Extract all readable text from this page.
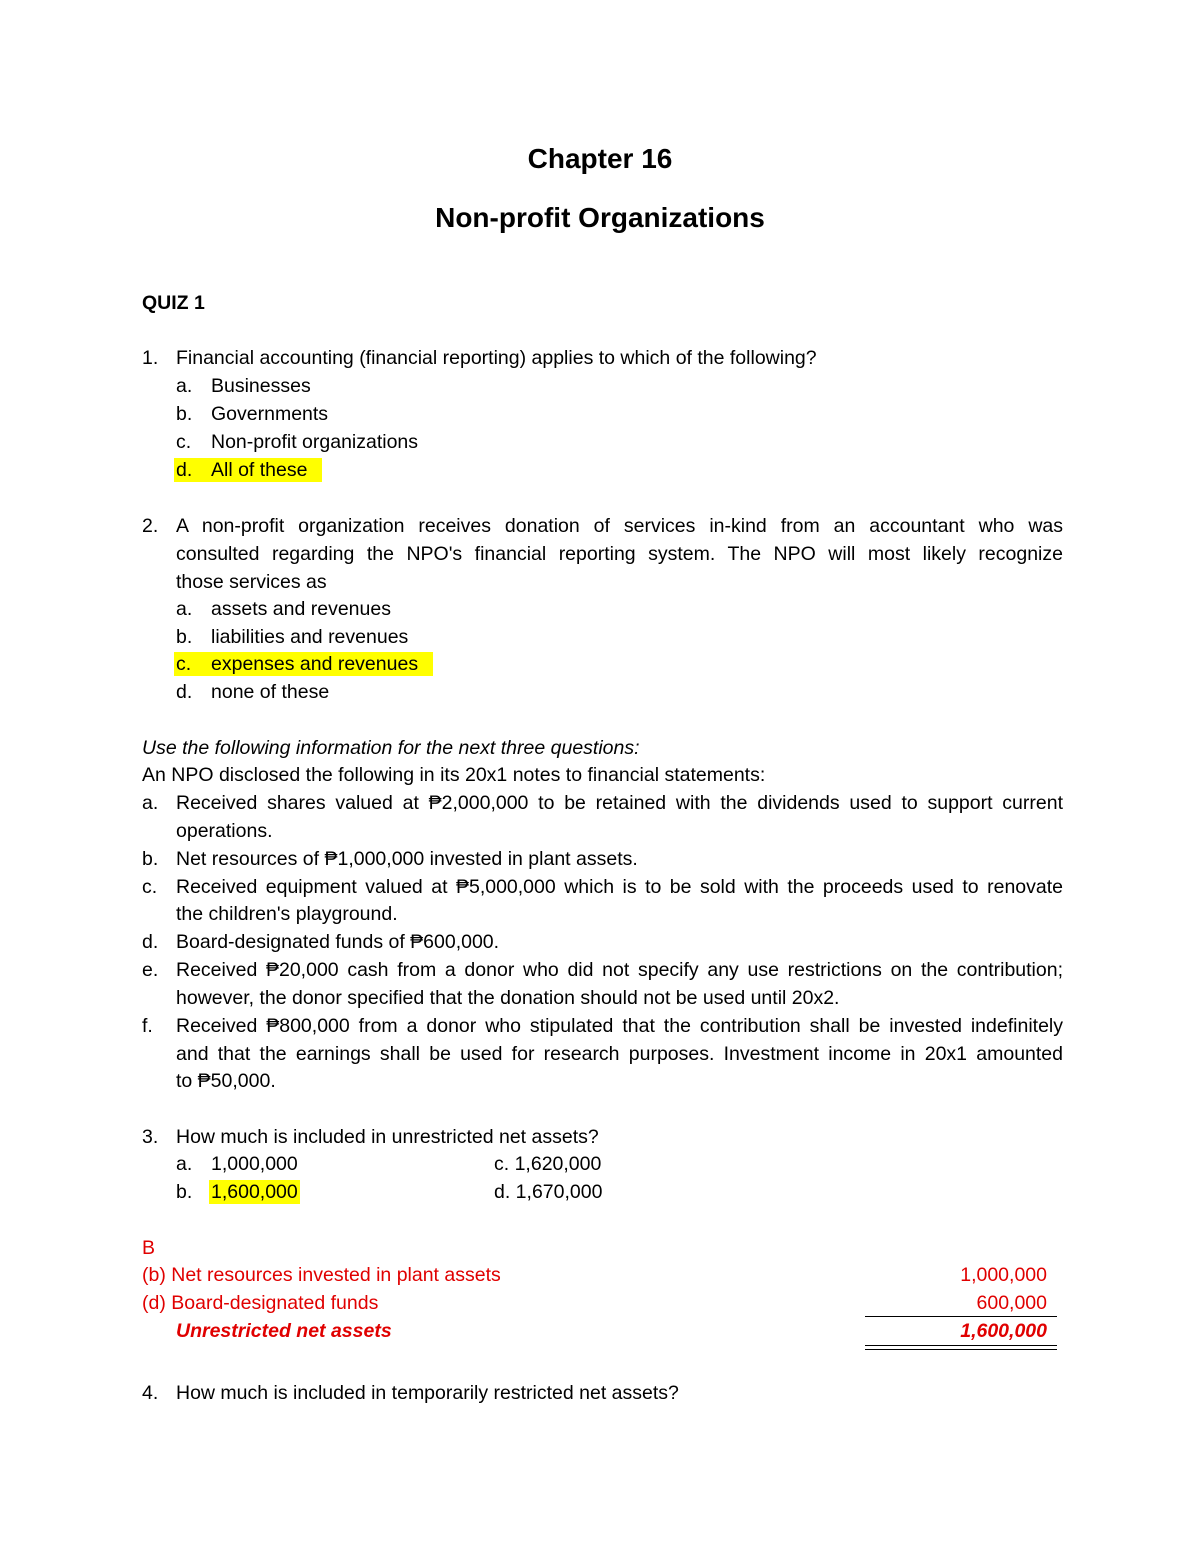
Chapter 16
Non-profit Organizations
QUIZ 1
1. Financial accounting (financial reporting) applies to which of the following?
a. Businesses
b. Governments
c. Non-profit organizations
d. All of these
2. A non-profit organization receives donation of services in-kind from an accountant who was
consulted regarding the NPO's financial reporting system. The NPO will most likely recognize
those services as
a. assets and revenues
b. liabilities and revenues
c. expenses and revenues
d. none of these
Use the following information for the next three questions:
An NPO disclosed the following in its 20x1 notes to financial statements:
a. Received shares valued at ₱2,000,000 to be retained with the dividends used to support current
operations.
b. Net resources of ₱1,000,000 invested in plant assets.
c. Received equipment valued at ₱5,000,000 which is to be sold with the proceeds used to renovate
the children's playground.
d. Board-designated funds of ₱600,000.
e. Received ₱20,000 cash from a donor who did not specify any use restrictions on the contribution;
however, the donor specified that the donation should not be used until 20x2.
f. Received ₱800,000 from a donor who stipulated that the contribution shall be invested indefinitely
and that the earnings shall be used for research purposes. Investment income in 20x1 amounted
to ₱50,000.
3. How much is included in unrestricted net assets?
a. 1,000,000	c. 1,620,000
b. 1,600,000	d. 1,670,000
B
(b) Net resources invested in plant assets	1,000,000
(d) Board-designated funds	600,000
Unrestricted net assets	1,600,000
4. How much is included in temporarily restricted net assets?
